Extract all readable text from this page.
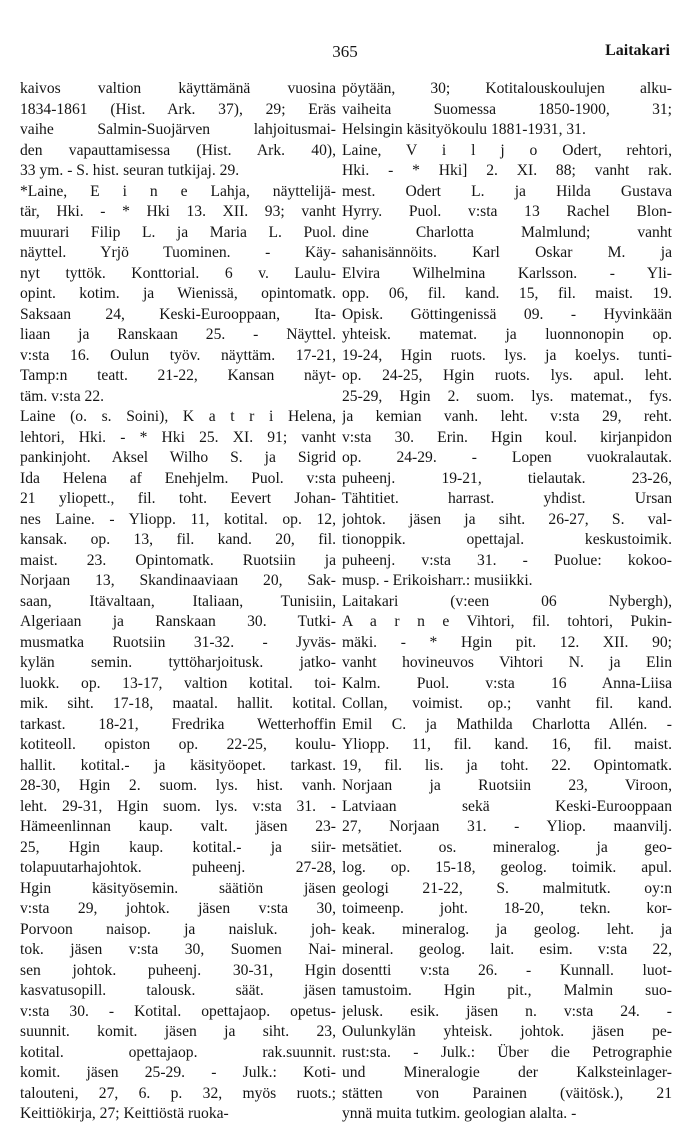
365	Laitakari
kaivos valtion käyttämänä vuosina
1834-1861 (Hist. Ark. 37), 29; Eräs
vaihe Salmin-Suojärven lahjoitusmai-
den vapauttamisessa (Hist. Ark. 40),
33 ym. - S. hist. seuran tutkijaj. 29.
*Laine, E i n e Lahja, näyttelijä-
tär, Hki. - * Hki 13. XII. 93; vanht
muurari Filip L. ja Maria L. Puol.
näyttel. Yrjö Tuominen. - Käy-
nyt tyttök. Konttorial. 6 v. Laulu-
opint. kotim. ja Wienissä, opintomatk.
Saksaan 24, Keski-Eurooppaan, Ita-
liaan ja Ranskaan 25. - Näyttel.
v:sta 16. Oulun työv. näyttäm. 17-21,
Tamp:n teatt. 21-22, Kansan näyt-
täm. v:sta 22.
Laine (o. s. Soini), K a t r i Helena,
lehtori, Hki. - * Hki 25. XI. 91; vanht
pankinjoht. Aksel Wilho S. ja Sigrid
Ida Helena af Enehjelm. Puol. v:sta
21 yliopett., fil. toht. Eevert Johan-
nes Laine. - Yliopp. 11, kotital. op. 12,
kansak. op. 13, fil. kand. 20, fil.
maist. 23. Opintomatk. Ruotsiin ja
Norjaan 13, Skandinaaviaan 20, Sak-
saan, Itävaltaan, Italiaan, Tunisiin,
Algeriaan ja Ranskaan 30. Tutki-
musmatka Ruotsiin 31-32. - Jyväs-
kylän semin. tyttöharjoitusk. jatko-
luokk. op. 13-17, valtion kotital. toi-
mik. siht. 17-18, maatal. hallit. kotital.
tarkast. 18-21, Fredrika Wetterhoffin
kotiteoll. opiston op. 22-25, koulu-
hallit. kotital.- ja käsityöopet. tarkast.
28-30, Hgin 2. suom. lys. hist. vanh.
leht. 29-31, Hgin suom. lys. v:sta 31. -
Hämeenlinnan kaup. valt. jäsen 23-
25, Hgin kaup. kotital.- ja siir-
tolapuutarhajohtok. puheenj. 27-28,
Hgin käsityösemin. säätiön jäsen
v:sta 29, johtok. jäsen v:sta 30,
Porvoon naisop. ja naisluk. joh-
tok. jäsen v:sta 30, Suomen Nai-
sen johtok. puheenj. 30-31, Hgin
kasvatusopill. talousk. säät. jäsen
v:sta 30. - Kotital. opettajaop. opetus-
suunnit. komit. jäsen ja siht. 23,
kotital. opettajaop. rak.suunnit.
komit. jäsen 25-29. - Julk.: Koti-
talouteni, 27, 6. p. 32, myös ruots.;
Keittiökirja, 27; Keittiöstä ruoka-
pöytään, 30; Kotitalouskoulujen alku-
vaiheita Suomessa 1850-1900, 31;
Helsingin käsityökoulu 1881-1931, 31.
Laine, V i l j o Odert, rehtori,
Hki. - * Hki] 2. XI. 88; vanht rak.
mest. Odert L. ja Hilda Gustava
Hyrry. Puol. v:sta 13 Rachel Blon-
dine Charlotta Malmlund; vanht
sahanisännöits. Karl Oskar M. ja
Elvira Wilhelmina Karlsson. - Yli-
opp. 06, fil. kand. 15, fil. maist. 19.
Opisk. Göttingenissä 09. - Hyvinkään
yhteisk. matemat. ja luonnonopin op.
19-24, Hgin ruots. lys. ja koelys. tunti-
op. 24-25, Hgin ruots. lys. apul. leht.
25-29, Hgin 2. suom. lys. matemat., fys.
ja kemian vanh. leht. v:sta 29, reht.
v:sta 30. Erin. Hgin koul. kirjanpidon
op. 24-29. - Lopen vuokralautak.
puheenj. 19-21, tielautak. 23-26,
Tähtitiet. harrast. yhdist. Ursan
johtok. jäsen ja siht. 26-27, S. val-
tionoppik. opettajal. keskustoimik.
puheenj. v:sta 31. - Puolue: kokoo-
musp. - Erikoisharr.: musiikki.
Laitakari (v:een 06 Nybergh),
A a r n e Vihtori, fil. tohtori, Pukin-
mäki. - * Hgin pit. 12. XII. 90;
vanht hovineuvos Vihtori N. ja Elin
Kalm. Puol. v:sta 16 Anna-Liisa
Collan, voimist. op.; vanht fil. kand.
Emil C. ja Mathilda Charlotta Allén. -
Yliopp. 11, fil. kand. 16, fil. maist.
19, fil. lis. ja toht. 22. Opintomatk.
Norjaan ja Ruotsiin 23, Viroon,
Latviaan sekä Keski-Eurooppaan
27, Norjaan 31. - Yliop. maanvilj.
metsätiet. os. mineralog. ja geo-
log. op. 15-18, geolog. toimik. apul.
geologi 21-22, S. malmitutk. oy:n
toimeenp. joht. 18-20, tekn. kor-
keak. mineralog. ja geolog. leht. ja
mineral. geolog. lait. esim. v:sta 22,
dosentti v:sta 26. - Kunnall. luot-
tamustoim. Hgin pit., Malmin suo-
jelusk. esik. jäsen n. v:sta 24. -
Oulunkylän yhteisk. johtok. jäsen pe-
rust:sta. - Julk.: Über die Petrographie
und Mineralogie der Kalksteinlager-
stätten von Parainen (väitösk.), 21
ynnä muita tutkim. geologian alalta. -
